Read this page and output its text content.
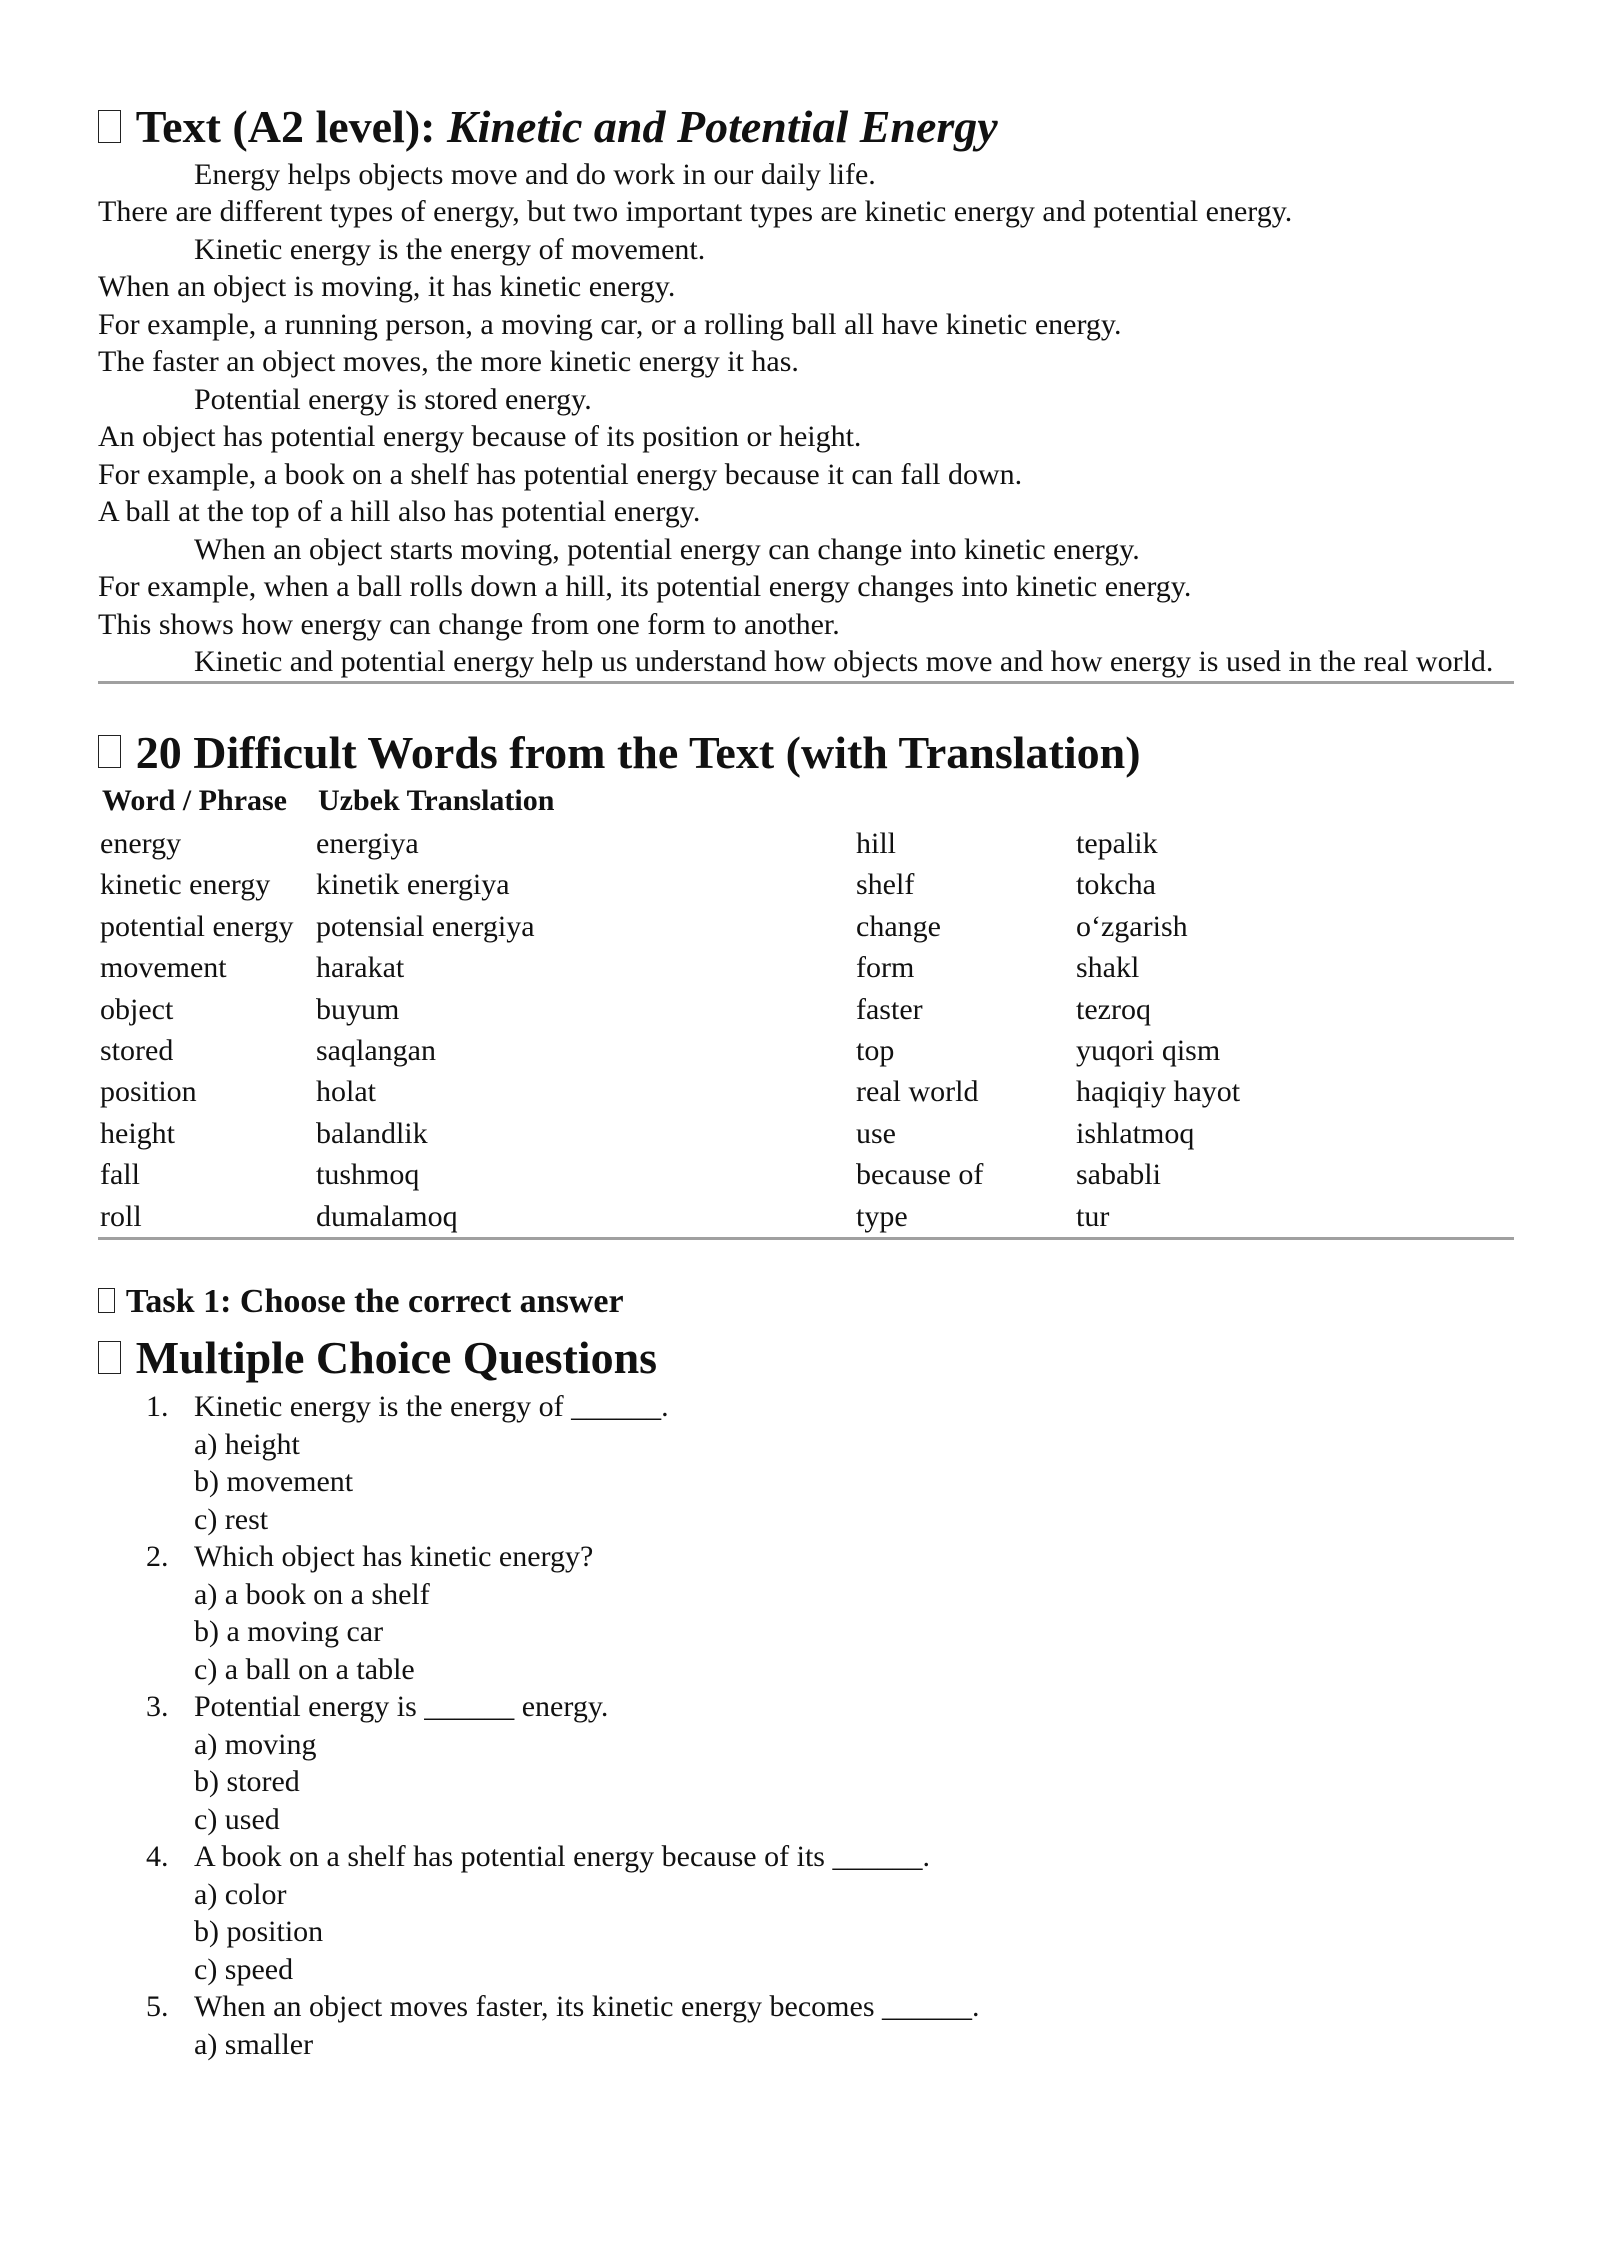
Text (A2 level): Kinetic and Potential Energy

Energy helps objects move and do work in our daily life.

There are different types of energy, but two important types are kinetic energy and potential energy.

Kinetic energy is the energy of movement.

When an object is moving, it has kinetic energy.

For example, a running person, a moving car, or a rolling ball all have kinetic energy.

The faster an object moves, the more kinetic energy it has.

Potential energy is stored energy.

An object has potential energy because of its position or height.

For example, a book on a shelf has potential energy because it can fall down.

A ball at the top of a hill also has potential energy.

When an object starts moving, potential energy can change into kinetic energy.

For example, when a ball rolls down a hill, its potential energy changes into kinetic energy.

This shows how energy can change from one form to another.

Kinetic and potential energy help us understand how objects move and how energy is used in the real world.

20 Difficult Words from the Text (with Translation)
Word / Phrase	Uzbek Translation		
energy	energiya	hill	tepalik
kinetic energy	kinetik energiya	shelf	tokcha
potential energy	potensial energiya	change	o‘zgarish
movement	harakat	form	shakl
object	buyum	faster	tezroq
stored	saqlangan	top	yuqori qism
position	holat	real world	haqiqiy hayot
height	balandlik	use	ishlatmoq
fall	tushmoq	because of	sababli
roll	dumalamoq	type	tur
Task 1: Choose the correct answer
Multiple Choice Questions
1. Kinetic energy is the energy of ______.
a) height
b) movement
c) rest
2. Which object has kinetic energy?
a) a book on a shelf
b) a moving car
c) a ball on a table
3. Potential energy is ______ energy.
a) moving
b) stored
c) used
4. A book on a shelf has potential energy because of its ______.
a) color
b) position
c) speed
5. When an object moves faster, its kinetic energy becomes ______.
a) smaller
